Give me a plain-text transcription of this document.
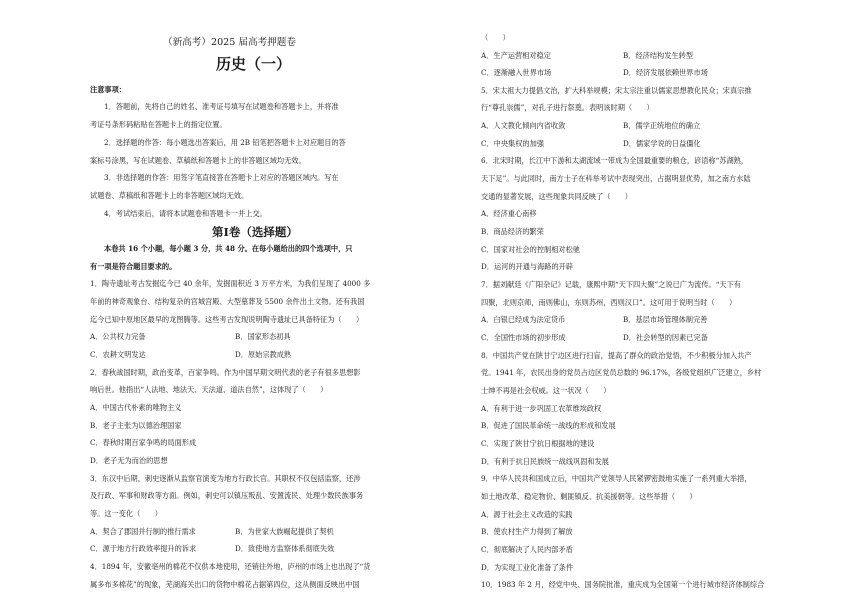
（新高考）2025 届高考押题卷
历史（一）
注意事项：
1．答题前，先将自己的姓名、准考证号填写在试题卷和答题卡上，并将准
考证号条形码粘贴在答题卡上的指定位置。
2．选择题的作答：每小题选出答案后，用 2B 铅笔把答题卡上对应题目的答
案标号涂黑，写在试题卷、草稿纸和答题卡上的非答题区域均无效。
3．非选择题的作答：用签字笔直接答在答题卡上对应的答题区域内。写在
试题卷、草稿纸和答题卡上的非答题区域均无效。
4．考试结束后，请将本试题卷和答题卡一并上交。
第Ⅰ卷（选择题）
本卷共 16 个小题，每小题 3 分，共 48 分。在每小题给出的四个选项中，只
有一项是符合题目要求的。
1．陶寺遗址考古发掘迄今已 40 余年，发掘面积近 3 万平方米，为我们呈现了 4000 多
年前的神奇观象台、结构复杂的宫城宫殿、大型墓葬及 5500 余件出土文物。还有我国
迄今已知中原地区最早的龙图腾等。这些考古发现说明陶寺遗址已具备特征为（　　）
A．公共权力完备	B．国家形态初具
C．农耕文明发达	D．原始宗教成熟
2．春秋战国时期，政治变革，百家争鸣。作为中国早期文明代表的老子有很多思想影
响后世。他指出“人法地、地法天、天法道、道法自然”，这体现了（　　）
A．中国古代朴素的唯物主义
B．老子主张为以德治理国家
C．春秋时期百家争鸣的局面形成
D．老子无为而治的思想
3．东汉中后期，刺史逐渐从监察官演变为地方行政长官。其职权不仅包括监察，还涉
及行政、军事和财政等方面。例如，刺史可以镇压叛乱、安置流民、处理少数民族事务
等。这一变化（　　）
A．契合了郡国并行制的推行需求	B．为世家大族崛起提供了契机
C．源于地方行政效率提升的诉求	D．致使地方监察体系彻底失效
4．1894 年，安徽亳州的棉花不仅供本地使用，还销往外地，庐州的市场上也出现了“货
属多布多棉花”的现象，芜湖海关出口的货物中棉花占据第四位，这从侧面反映出中国
（　　）
A．生产运营相对稳定	B．经济结构发生转型
C．逐渐融入世界市场	D．经济发展依赖世界市场
5．宋太祖大力提倡文治，扩大科举规模；宋太宗注重以儒家思想教化民众；宋真宗推
行“尊孔崇儒”，对孔子进行祭奠。表明该时期（　　）
A．人文教化倾向内省收敛	B．儒学正统地位的确立
C．中央集权的加强	D．儒家学说的日益僵化
6．北宋时期，长江中下游和太湖流域一带成为全国最重要的粮仓，谚语称“苏湖熟，
天下足”。与此同时，南方士子在科举考试中表现突出，占据明显优势，加之南方水陆
交通的显著发展，这些现象共同反映了（　　）
A．经济重心南移
B．商品经济的繁荣
C．国家对社会的控制相对松驰
D．运河的开通与海路的开辟
7．据刘献廷《广阳杂记》记载，康熙中期“天下四大聚”之说已广为流传。“天下有
四聚，北则京师，南则佛山，东则苏州，西则汉口”。这可用于说明当时（　　）
A．白银已经成为法定货币	B．基层市场管理体制完善
C．全国性市场的初步形成	D．社会转型的因素已完备
8．中国共产党在陕甘宁边区进行扫盲，提高了群众的政治觉悟，不少积极分加入共产
党。1941 年，农民出身的党员占边区党员总数的 96.17%，各级党组织广泛建立，乡村
士绅不再是社会权威。这一状况（　　）
A．有利于进一步巩固工农革维埃政权
B．促进了国民革命统一战线的形成和发展
C．实现了陕甘宁抗日根据地的建设
D．有利于抗日民族统一战线巩固和发展
9．中华人民共和国成立后，中国共产党领导人民紧锣密鼓地实施了一系列重大举措，
如土地改革、稳定物价、剿匪镇反、抗美援朝等。这些举措（　　）
A．源于社会主义改造的实践
B．使农村生产力得到了解放
C．彻底解决了人民内部矛盾
D．为实现工业化准备了条件
10．1983 年 2 月，经党中央、国务院批准，重庆成为全国第一个进行城市经济体制综合
